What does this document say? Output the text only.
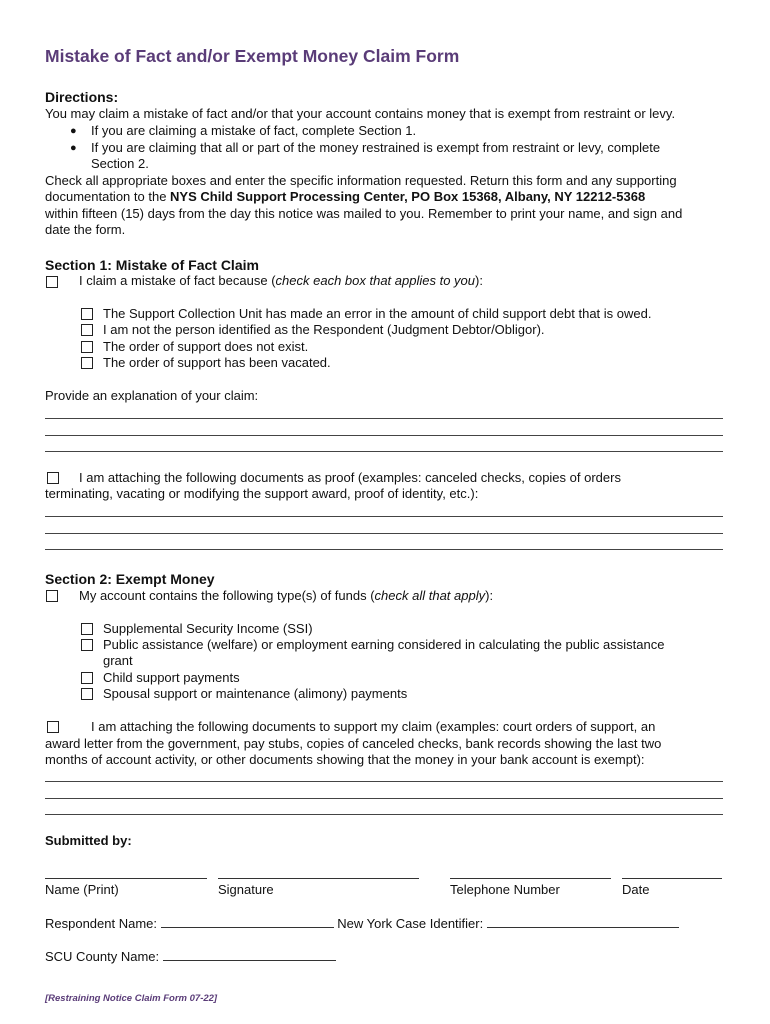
Mistake of Fact and/or Exempt Money Claim Form
Directions:
You may claim a mistake of fact and/or that your account contains money that is exempt from restraint or levy.
● If you are claiming a mistake of fact, complete Section 1.
● If you are claiming that all or part of the money restrained is exempt from restraint or levy, complete
Section 2.
Check all appropriate boxes and enter the specific information requested. Return this form and any supporting
documentation to the NYS Child Support Processing Center, PO Box 15368, Albany, NY 12212-5368
within fifteen (15) days from the day this notice was mailed to you. Remember to print your name, and sign and
date the form.
Section 1: Mistake of Fact Claim
I claim a mistake of fact because (check each box that applies to you):
The Support Collection Unit has made an error in the amount of child support debt that is owed.
I am not the person identified as the Respondent (Judgment Debtor/Obligor).
The order of support does not exist.
The order of support has been vacated.
Provide an explanation of your claim:
I am attaching the following documents as proof (examples: canceled checks, copies of orders
terminating, vacating or modifying the support award, proof of identity, etc.):
Section 2: Exempt Money
My account contains the following type(s) of funds (check all that apply):
Supplemental Security Income (SSI)
Public assistance (welfare) or employment earning considered in calculating the public assistance
grant
Child support payments
Spousal support or maintenance (alimony) payments
I am attaching the following documents to support my claim (examples: court orders of support, an
award letter from the government, pay stubs, copies of canceled checks, bank records showing the last two
months of account activity, or other documents showing that the money in your bank account is exempt):
Submitted by:
Name (Print)	Signature	Telephone Number	Date
Respondent Name:	New York Case Identifier:
SCU County Name:
[Restraining Notice Claim Form 07-22]
